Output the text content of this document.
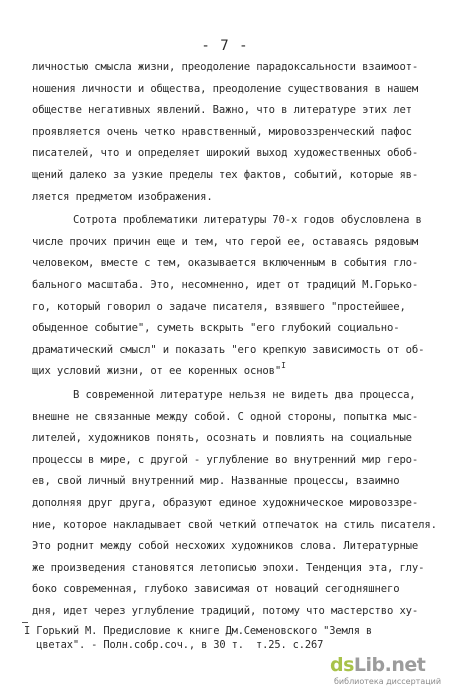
- 7 -
личностью смысла жизни, преодоление парадоксальности взаимоот-
ношения личности и общества, преодоление существования в нашем
обществе негативных явлений. Важно, что в литературе этих лет
проявляется очень четко нравственный, мировоззренческий пафос
писателей, что и определяет широкий выход художественных обоб-
щений далеко за узкие пределы тех фактов, событий, которые яв-
ляется предметом изображения.
Сотрота проблематики литературы 70-х годов обусловлена в
числе прочих причин еще и тем, что герой ее, оставаясь рядовым
человеком, вместе с тем, оказывается включенным в события гло-
бального масштаба. Это, несомненно, идет от традиций М.Горько-
го, который говорил о задаче писателя, взявшего "простейшее,
обыденное событие", суметь вскрыть "его глубокий социально-
драматический смысл" и показать "его крепкую зависимость от об-
щих условий жизни, от ее коренных основ"$^I$
В современной литературе нельзя не видеть два процесса,
внешне не связанные между собой. С одной стороны, попытка мыс-
лителей, художников понять, осознать и повлиять на социальные
процессы в мире, с другой - углубление во внутренний мир геро-
ев, свой личный внутренний мир. Названные процессы, взаимно
дополняя друг друга, образуют единое художническое мировоззре-
ние, которое накладывает свой четкий отпечаток на стиль писателя.
Это роднит между собой несхожих художников слова. Литературные
же произведения становятся летописью эпохи. Тенденция эта, глу-
боко современная, глубоко зависимая от новаций сегодняшнего
дня, идет через углубление традиций, потому что мастерство ху-
dsLib.net
библиотека диссертаций
I Горький М. Предисловие к книге Дм.Семеновского "Земля в
цветах". - Полн.собр.соч., в 30 т.  т.25. с.267
